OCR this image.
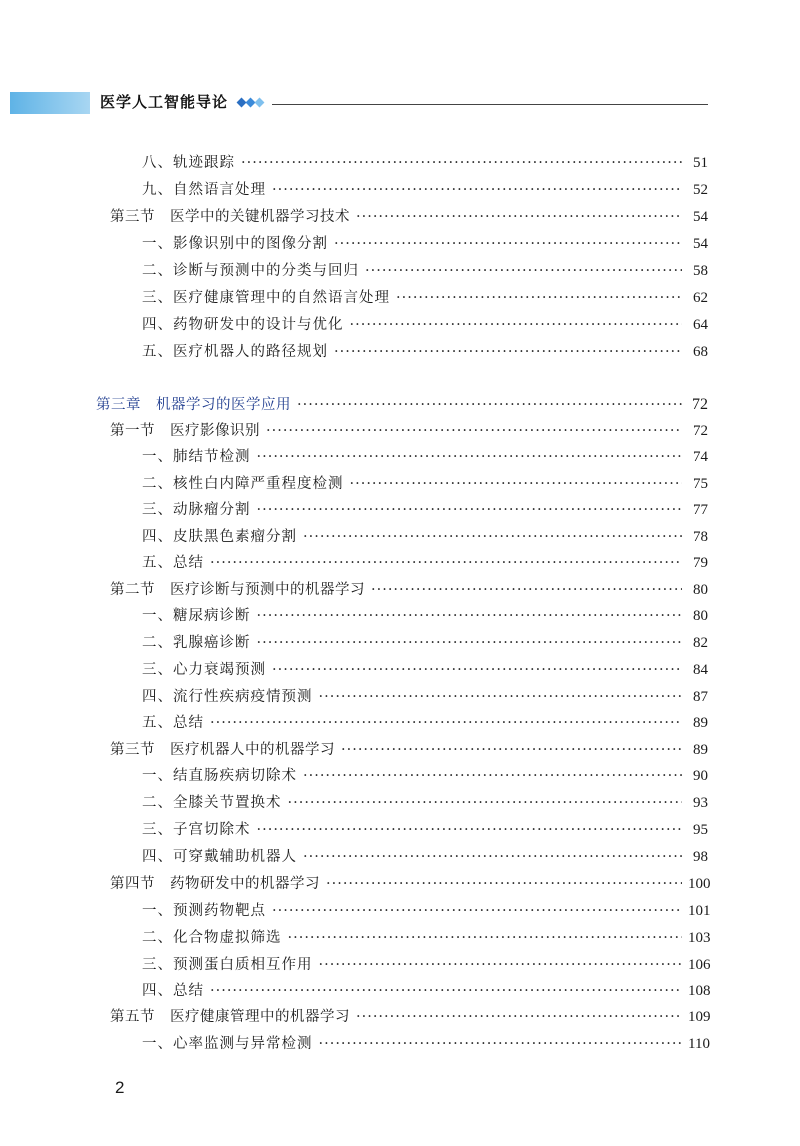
医学人工智能导论
八、轨迹跟踪 ·····	51
九、自然语言处理 ·····	52
第三节　医学中的关键机器学习技术 ·····	54
一、影像识别中的图像分割 ·····	54
二、诊断与预测中的分类与回归 ·····	58
三、医疗健康管理中的自然语言处理 ·····	62
四、药物研发中的设计与优化 ·····	64
五、医疗机器人的路径规划 ·····	68
第三章　机器学习的医学应用 ·····	72
第一节　医疗影像识别 ·····	72
一、肺结节检测 ·····	74
二、核性白内障严重程度检测 ·····	75
三、动脉瘤分割 ·····	77
四、皮肤黑色素瘤分割 ·····	78
五、总结 ·····	79
第二节　医疗诊断与预测中的机器学习 ·····	80
一、糖尿病诊断 ·····	80
二、乳腺癌诊断 ·····	82
三、心力衰竭预测 ·····	84
四、流行性疾病疫情预测 ·····	87
五、总结 ·····	89
第三节　医疗机器人中的机器学习 ·····	89
一、结直肠疾病切除术 ·····	90
二、全膝关节置换术 ·····	93
三、子宫切除术 ·····	95
四、可穿戴辅助机器人 ·····	98
第四节　药物研发中的机器学习 ·····	100
一、预测药物靶点 ·····	101
二、化合物虚拟筛选 ·····	103
三、预测蛋白质相互作用 ·····	106
四、总结 ·····	108
第五节　医疗健康管理中的机器学习 ·····	109
一、心率监测与异常检测 ·····	110
2
